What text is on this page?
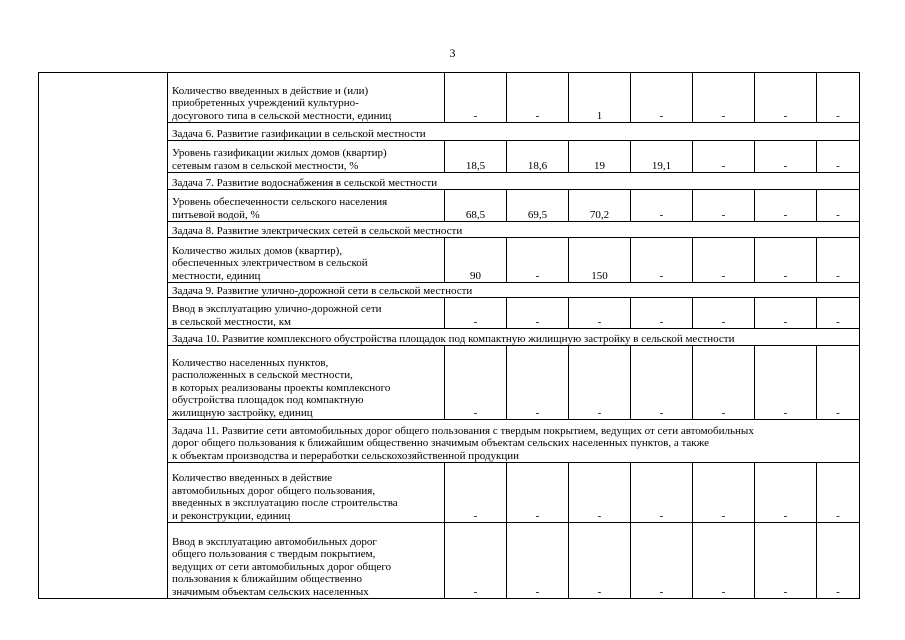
3

	Количество введенных в действие и (или)
приобретенных учреждений культурно-
досугового типа в сельской местности, единиц	-	-	1	-	-	-	-

	Задача 6. Развитие газификации в сельской местности							

	Уровень газификации жилых домов (квартир)
сетевым газом в сельской местности, %	18,5	18,6	19	19,1	-	-	-

	Задача 7. Развитие водоснабжения в сельской местности							

	Уровень обеспеченности сельского населения
питьевой водой, %	68,5	69,5	70,2	-	-	-	-

	Задача 8. Развитие электрических сетей в сельской местности							

	Количество жилых домов (квартир),
обеспеченных электричеством в сельской
местности, единиц	90	-	150	-	-	-	-

	Задача 9. Развитие улично-дорожной сети в сельской местности							

	Ввод в эксплуатацию улично-дорожной сети
в сельской местности, км	-	-	-	-	-	-	-

	Задача 10. Развитие комплексного обустройства площадок под компактную жилищную застройку в сельской местности							

	Количество населенных пунктов,
расположенных в сельской местности,
в которых реализованы проекты комплексного
обустройства площадок под компактную
жилищную застройку, единиц	-	-	-	-	-	-	-

	Задача 11. Развитие сети автомобильных дорог общего пользования с твердым покрытием, ведущих от сети автомобильных
дорог общего пользования к ближайшим общественно значимым объектам сельских населенных пунктов, а также
к объектам производства и переработки сельскохозяйственной продукции							

	Количество введенных в действие
автомобильных дорог общего пользования,
введенных в эксплуатацию после строительства
и реконструкции, единиц	-	-	-	-	-	-	-

	Ввод в эксплуатацию автомобильных дорог
общего пользования с твердым покрытием,
ведущих от сети автомобильных дорог общего
пользования к ближайшим общественно
значимым объектам сельских населенных	-	-	-	-	-	-	-
